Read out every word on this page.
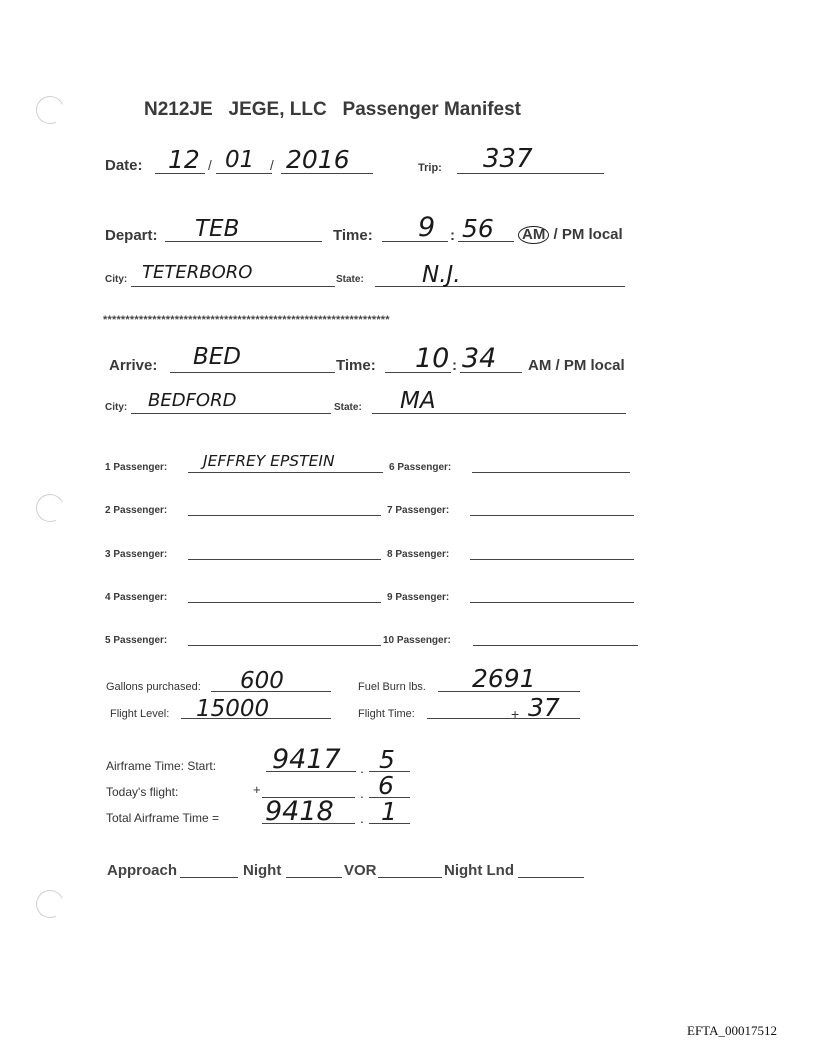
N212JE JEGE, LLC Passenger Manifest
Date: 12 / 01 / 2016	Trip: 337
Depart: TEB	Time: 9 : 56 AM / PM local
City: TETERBORO	State:	N.J.
****************************************************************
Arrive: BED	Time: 10 : 34 AM / PM local
City: BEDFORD	State: MA
1 Passenger: JEFFREY EPSTEIN
2 Passenger:
3 Passenger:
4 Passenger:
5 Passenger:
6 Passenger:
7 Passenger:
8 Passenger:
9 Passenger:
10 Passenger:
Gallons purchased: 600	Fuel Burn lbs. 2691
Flight Level: 15000	Flight Time:	+ 37
Airframe Time: Start: 9417 . 5
Today's flight:	+	. 6
Total Airframe Time = 9418 . 1
Approach	Night	VOR	Night Lnd
EFTA_00017512
